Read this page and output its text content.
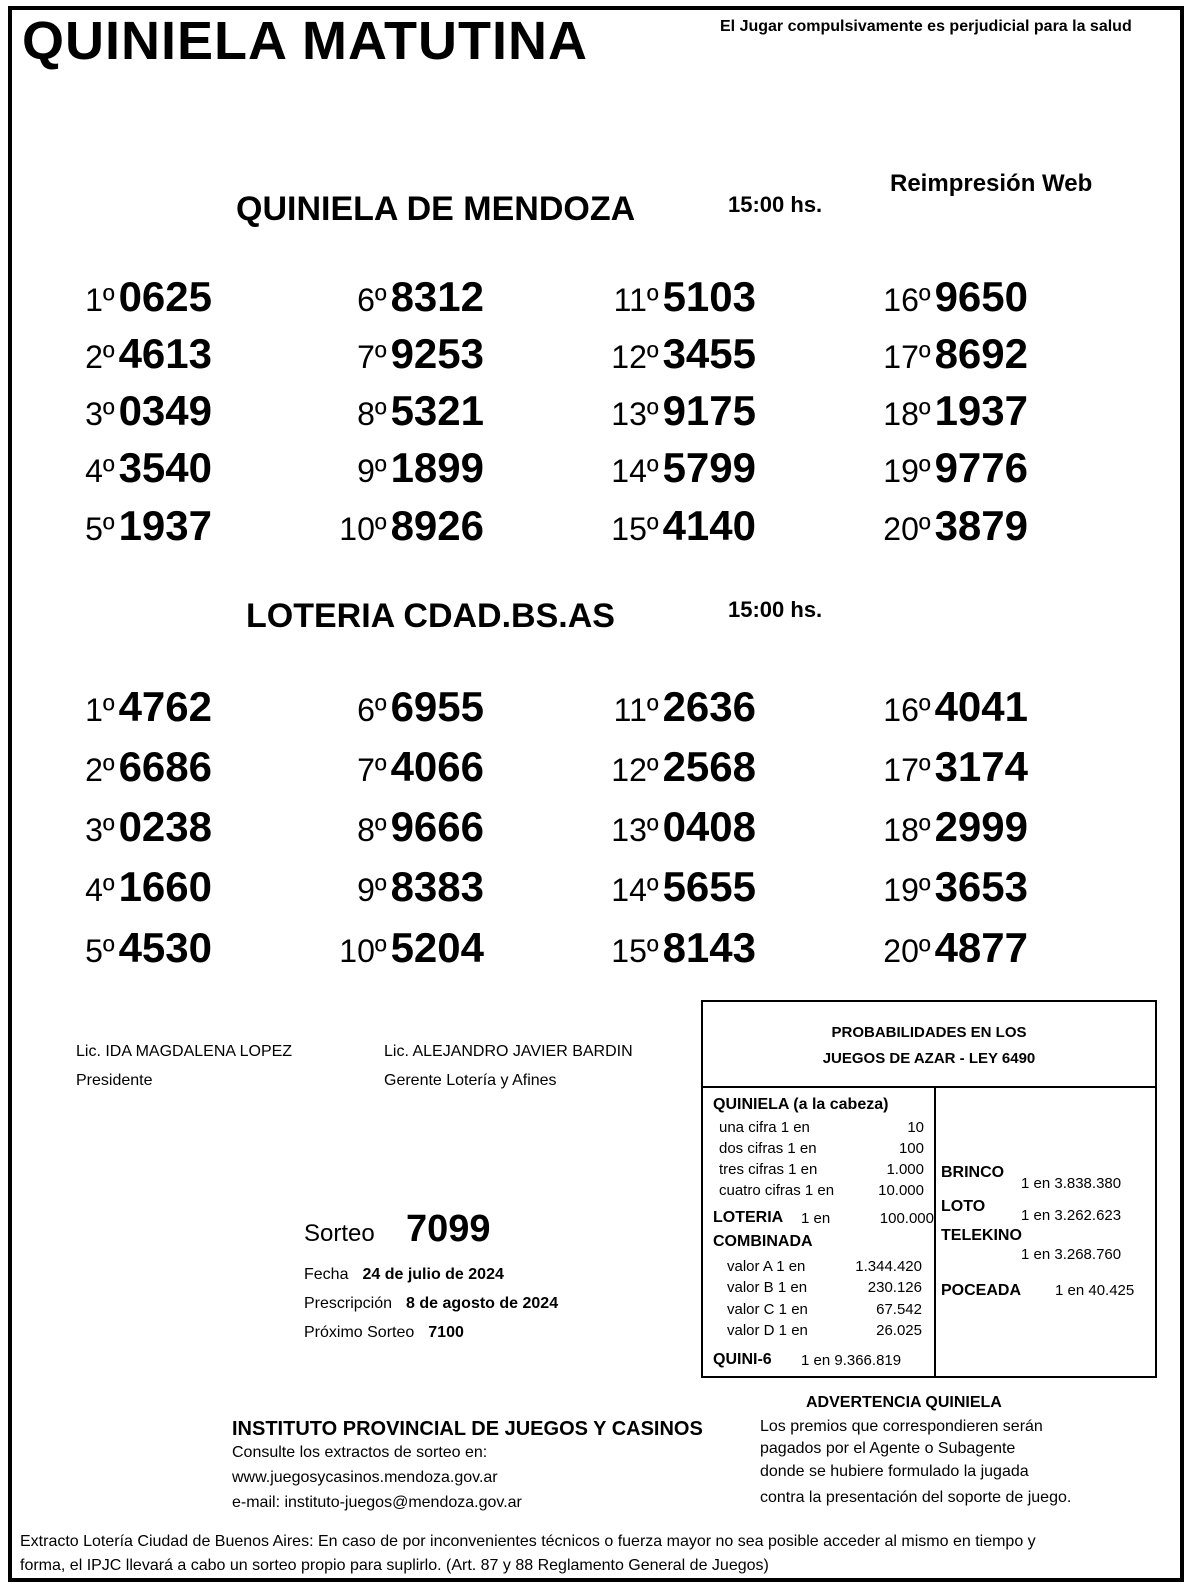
QUINIELA MATUTINA	El Jugar compulsivamente es perjudicial para la salud
Reimpresión Web
QUINIELA DE MENDOZA	15:00 hs.
1º0625
2º4613
3º0349
4º3540
5º1937
6º8312
7º9253
8º5321
9º1899
10º8926
11º5103
12º3455
13º9175
14º5799
15º4140
16º9650
17º8692
18º1937
19º9776
20º3879
LOTERIA CDAD.BS.AS	15:00 hs.
1º4762
2º6686
3º0238
4º1660
5º4530
6º6955
7º4066
8º9666
9º8383
10º5204
11º2636
12º2568
13º0408
14º5655
15º8143
16º4041
17º3174
18º2999
19º3653
20º4877
Lic. IDA MAGDALENA LOPEZ
Presidente
Lic. ALEJANDRO JAVIER BARDIN
Gerente Lotería y Afines
Sorteo 7099
Fecha 24 de julio de 2024
Prescripción 8 de agosto de 2024
Próximo Sorteo 7100
PROBABILIDADES EN LOS
JUEGOS DE AZAR - LEY 6490
QUINIELA (a la cabeza)
una cifra 1 en	10
dos cifras 1 en	100
tres cifras 1 en	1.000
cuatro cifras 1 en	10.000
LOTERIA 1 en	100.000
COMBINADA
valor A 1 en	1.344.420
valor B 1 en	230.126
valor C 1 en	67.542
valor D 1 en	26.025
QUINI-6 1 en 9.366.819
BRINCO
1 en 3.838.380
LOTO
1 en 3.262.623
TELEKINO
1 en 3.268.760
POCEADA 1 en 40.425
INSTITUTO PROVINCIAL DE JUEGOS Y CASINOS
Consulte los extractos de sorteo en:
www.juegosycasinos.mendoza.gov.ar
e-mail: instituto-juegos@mendoza.gov.ar
ADVERTENCIA QUINIELA
Los premios que correspondieren serán
pagados por el Agente o Subagente
donde se hubiere formulado la jugada
contra la presentación del soporte de juego.
Extracto Lotería Ciudad de Buenos Aires: En caso de por inconvenientes técnicos o fuerza mayor no sea posible acceder al mismo en tiempo y
forma, el IPJC llevará a cabo un sorteo propio para suplirlo. (Art. 87 y 88 Reglamento General de Juegos)
